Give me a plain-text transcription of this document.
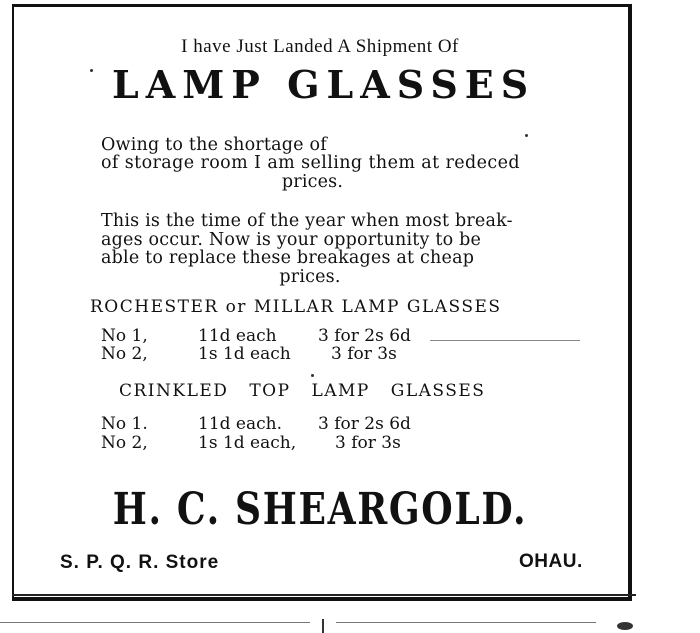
I have Just Landed A Shipment Of
LAMP GLASSES
Owing to the shortage of
of storage room I am selling them at redeced
prices.
This is the time of the year when most break-
ages occur. Now is your opportunity to be
able to replace these breakages at cheap
prices.
ROCHESTER or MILLAR LAMP GLASSES
No 1,	11d each 3 for 2s 6d
No 2,	1s 1d each 3 for 3s
CRINKLED TOP LAMP GLASSES
No 1.	11d each. 3 for 2s 6d
No 2,	1s 1d each, 3 for 3s
H. C. SHEARGOLD.
S. P. Q. R. Store	OHAU.
